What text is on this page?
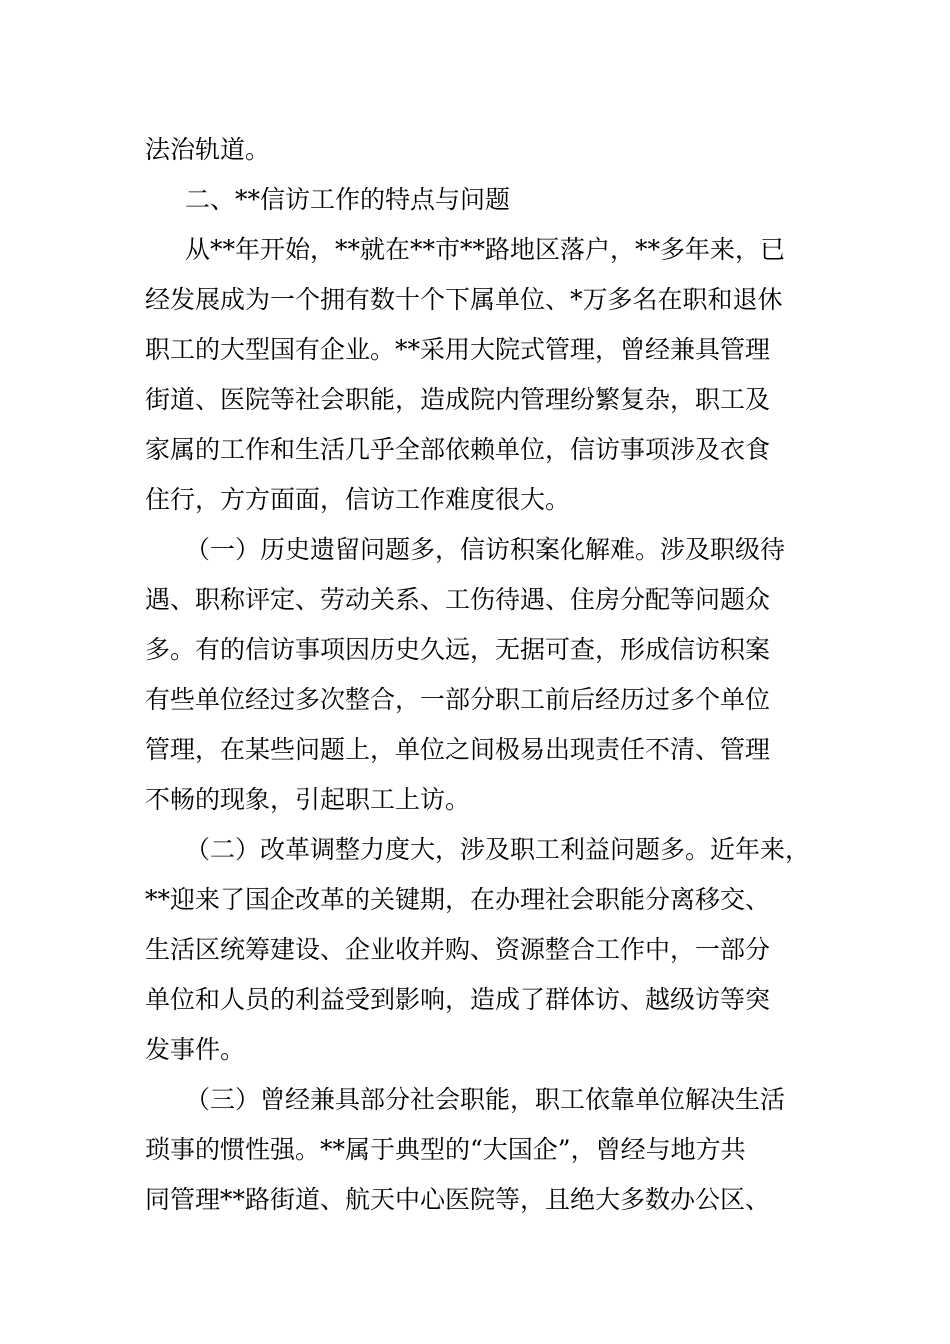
法治轨道。
二、**信访工作的特点与问题
从**年开始，**就在**市**路地区落户，**多年来，已
经发展成为一个拥有数十个下属单位、*万多名在职和退休
职工的大型国有企业。**采用大院式管理，曾经兼具管理
街道、医院等社会职能，造成院内管理纷繁复杂，职工及
家属的工作和生活几乎全部依赖单位，信访事项涉及衣食
住行，方方面面，信访工作难度很大。
（一）历史遗留问题多，信访积案化解难。涉及职级待
遇、职称评定、劳动关系、工伤待遇、住房分配等问题众
多。有的信访事项因历史久远，无据可查，形成信访积案
有些单位经过多次整合，一部分职工前后经历过多个单位
管理，在某些问题上，单位之间极易出现责任不清、管理
不畅的现象，引起职工上访。
（二）改革调整力度大，涉及职工利益问题多。近年来，
**迎来了国企改革的关键期，在办理社会职能分离移交、
生活区统筹建设、企业收并购、资源整合工作中，一部分
单位和人员的利益受到影响，造成了群体访、越级访等突
发事件。
（三）曾经兼具部分社会职能，职工依靠单位解决生活
琐事的惯性强。**属于典型的“大国企”，曾经与地方共
同管理**路街道、航天中心医院等，且绝大多数办公区、
